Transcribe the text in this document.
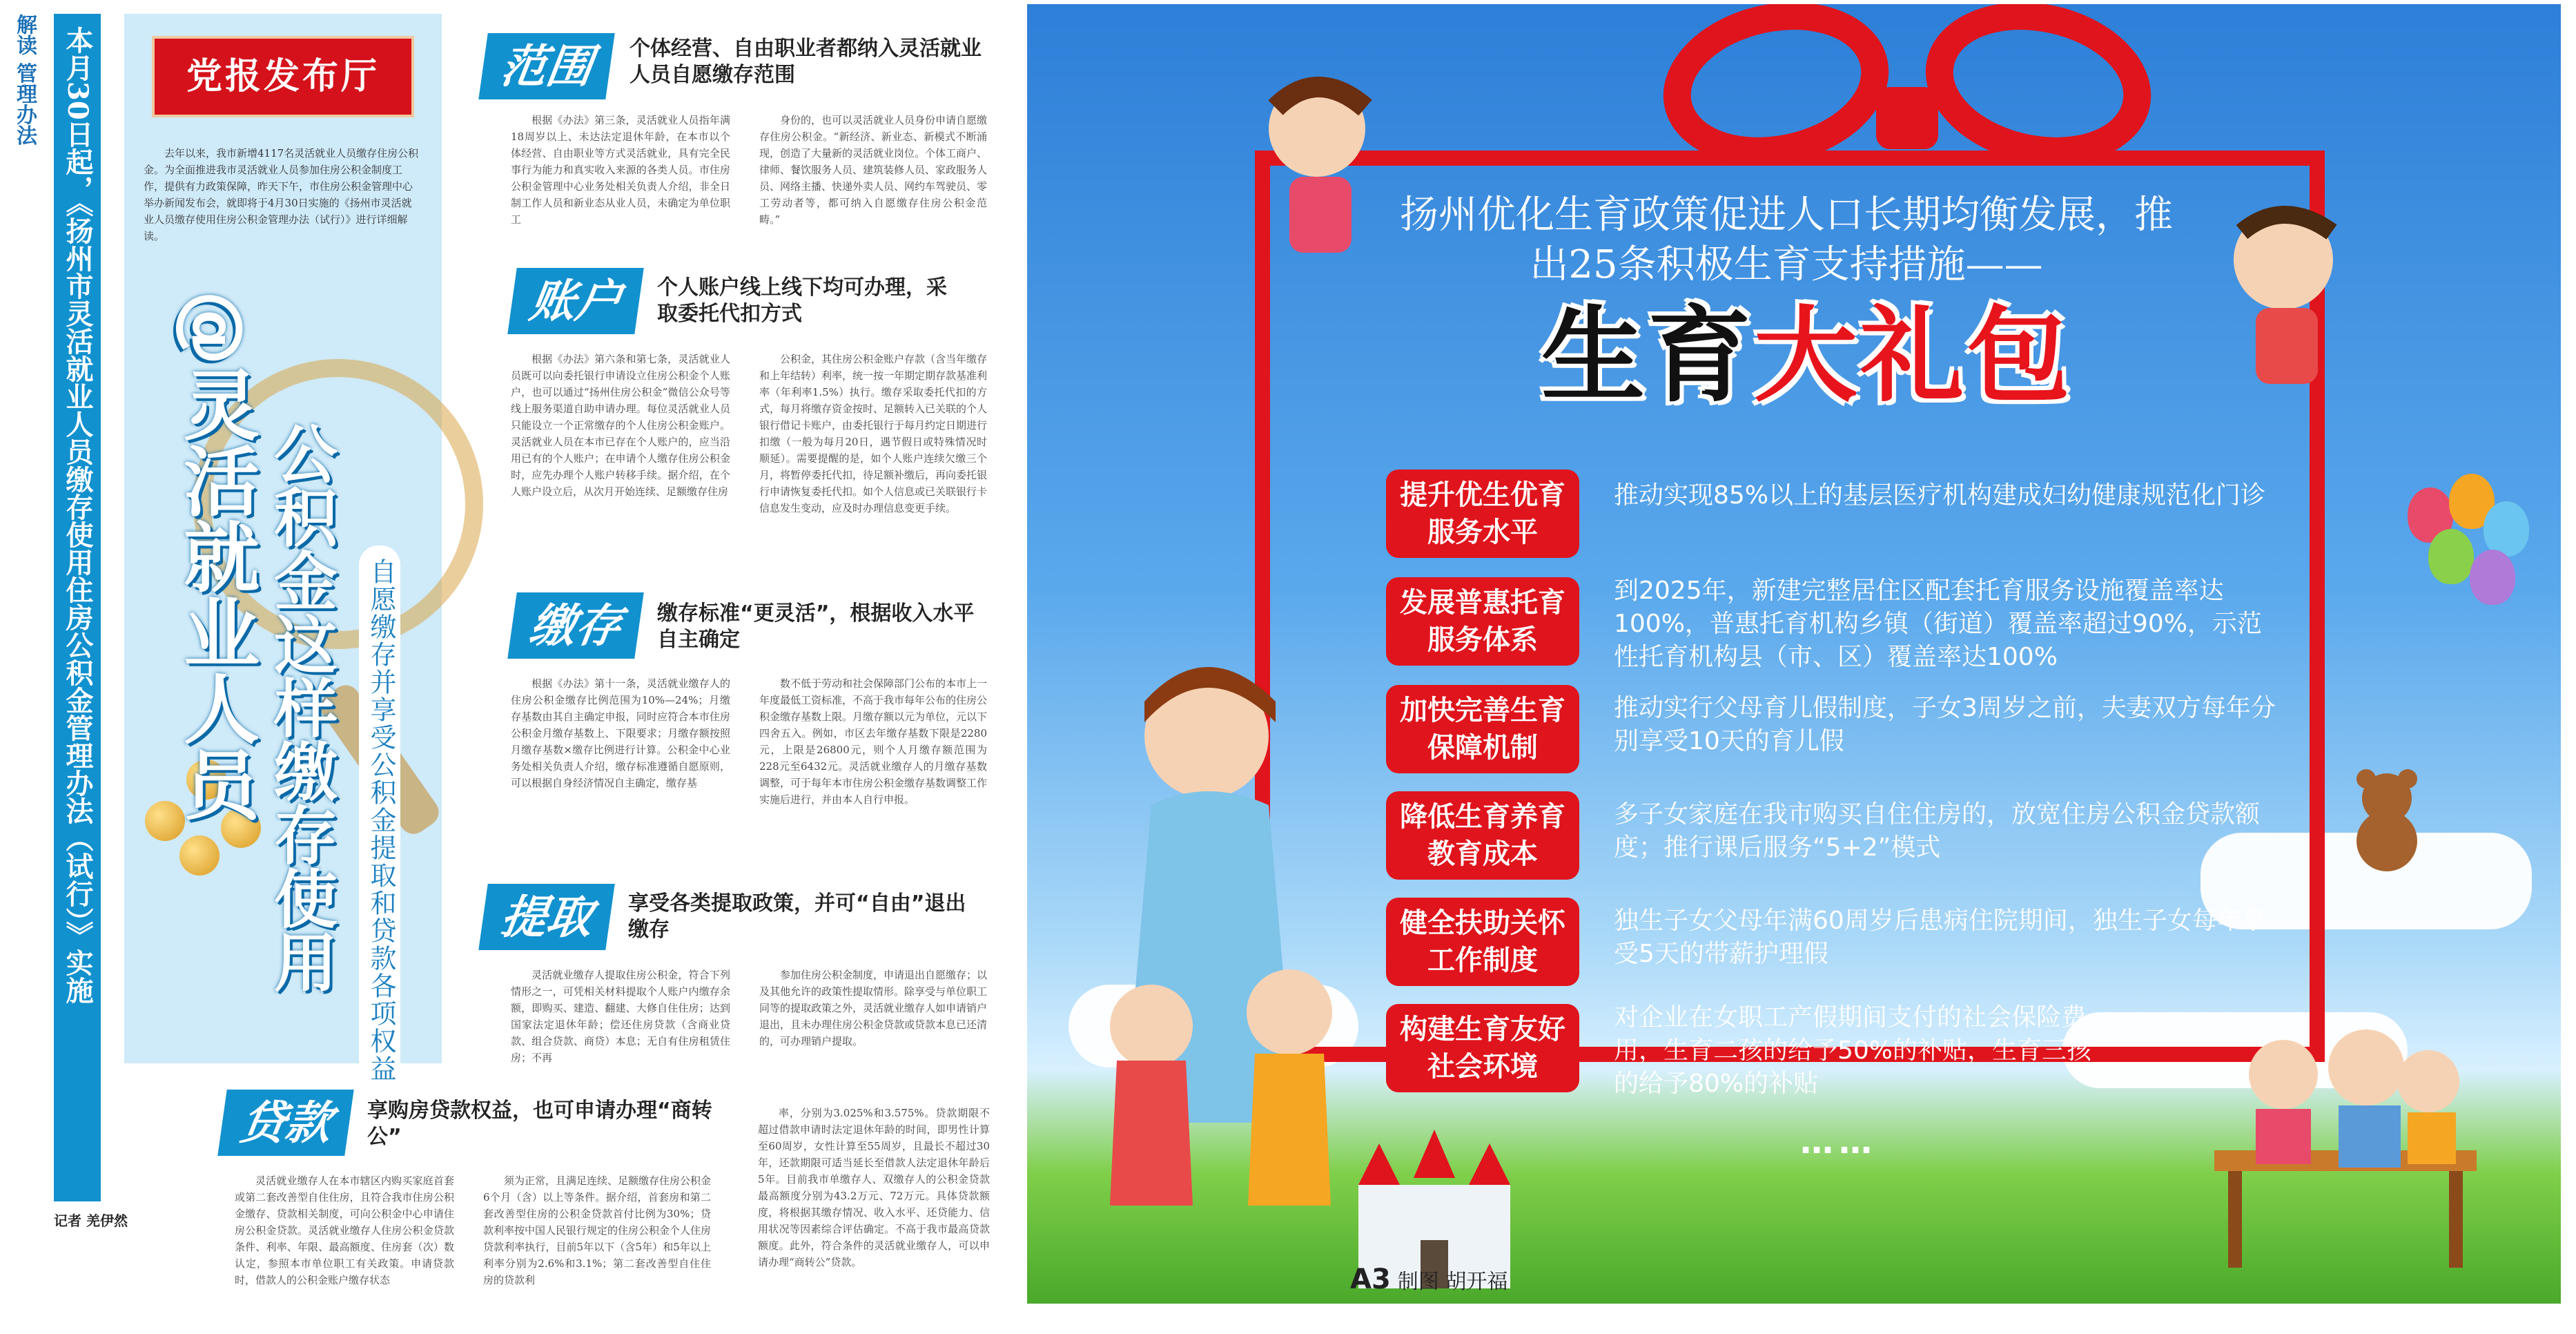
解读 管理办法 本月30日起，《扬州市灵活就业人员缴存使用住房公积金管理办法（试行）》实施	党报发布厅
去年以来，我市新增4117名灵活就业人员缴存住房公积金。为全面推进我市灵活就业人员参加住房公积金制度工作，提供有力政策保障，昨天下午，市住房公积金管理中心举办新闻发布会，就即将于4月30日实施的《扬州市灵活就业人员缴存使用住房公积金管理办法（试行）》进行详细解读。
@灵活就业人员 公积金这样缴存使用 自愿缴存并享受公积金提取和贷款各项权益
记者 羌伊然
范围	个体经营、自由职业者都纳入灵活就业人员自愿缴存范围
根据《办法》第三条，灵活就业人员指年满18周岁以上、未达法定退休年龄，在本市以个体经营、自由职业等方式灵活就业，具有完全民事行为能力和真实收入来源的各类人员。市住房公积金管理中心业务处相关负责人介绍，非全日制工作人员和新业态从业人员，未确定为单位职工
身份的，也可以灵活就业人员身份申请自愿缴存住房公积金。“新经济、新业态、新模式不断涌现，创造了大量新的灵活就业岗位。个体工商户、律师、餐饮服务人员、建筑装修人员、家政服务人员、网络主播、快递外卖人员、网约车驾驶员、零工劳动者等，都可纳入自愿缴存住房公积金范畴。”
账户	个人账户线上线下均可办理，采取委托代扣方式
根据《办法》第六条和第七条，灵活就业人员既可以向委托银行申请设立住房公积金个人账户，也可以通过“扬州住房公积金”微信公众号等线上服务渠道自助申请办理。每位灵活就业人员只能设立一个正常缴存的个人住房公积金账户。灵活就业人员在本市已存在个人账户的，应当沿用已有的个人账户；在申请个人缴存住房公积金时，应先办理个人账户转移手续。据介绍，在个人账户设立后，从次月开始连续、足额缴存住房
公积金，其住房公积金账户存款（含当年缴存和上年结转）利率，统一按一年期定期存款基准利率（年利率1.5%）执行。缴存采取委托代扣的方式，每月将缴存资金按时、足额转入已关联的个人银行借记卡账户，由委托银行于每月约定日期进行扣缴（一般为每月20日，遇节假日或特殊情况时顺延）。需要提醒的是，如个人账户连续欠缴三个月，将暂停委托代扣，待足额补缴后，再向委托银行申请恢复委托代扣。如个人信息或已关联银行卡信息发生变动，应及时办理信息变更手续。
缴存	缴存标准“更灵活”，根据收入水平自主确定
根据《办法》第十一条，灵活就业缴存人的住房公积金缴存比例范围为10%—24%；月缴存基数由其自主确定申报，同时应符合本市住房公积金月缴存基数上、下限要求；月缴存额按照月缴存基数×缴存比例进行计算。公积金中心业务处相关负责人介绍，缴存标准遵循自愿原则，可以根据自身经济情况自主确定，缴存基
数不低于劳动和社会保障部门公布的本市上一年度最低工资标准，不高于我市每年公布的住房公积金缴存基数上限。月缴存额以元为单位，元以下四舍五入。例如，市区去年缴存基数下限是2280元，上限是26800元，则个人月缴存额范围为228元至6432元。灵活就业缴存人的月缴存基数调整，可于每年本市住房公积金缴存基数调整工作实施后进行，并由本人自行申报。
提取	享受各类提取政策，并可“自由”退出缴存
灵活就业缴存人提取住房公积金，符合下列情形之一，可凭相关材料提取个人账户内缴存余额，即购买、建造、翻建、大修自住住房；达到国家法定退休年龄；偿还住房贷款（含商业贷款、组合贷款、商贷）本息；无自有住房租赁住房；不再
参加住房公积金制度，申请退出自愿缴存；以及其他允许的政策性提取情形。除享受与单位职工同等的提取政策之外，灵活就业缴存人如申请销户退出，且未办理住房公积金贷款或贷款本息已还清的，可办理销户提取。
贷款	享购房贷款权益，也可申请办理“商转公”
灵活就业缴存人在本市辖区内购买家庭首套或第二套改善型自住住房，且符合我市住房公积金缴存、贷款相关制度，可向公积金中心申请住房公积金贷款。灵活就业缴存人住房公积金贷款条件、利率、年限、最高额度、住房套（次）数认定，参照本市单位职工有关政策。申请贷款时，借款人的公积金账户缴存状态
须为正常，且满足连续、足额缴存住房公积金6个月（含）以上等条件。据介绍，首套房和第二套改善型住房的公积金贷款首付比例为30%；贷款利率按中国人民银行规定的住房公积金个人住房贷款利率执行，目前5年以下（含5年）和5年以上利率分别为2.6%和3.1%；第二套改善型自住住房的贷款利
率，分别为3.025%和3.575%。贷款期限不超过借款申请时法定退休年龄的时间，即男性计算至60周岁，女性计算至55周岁，且最长不超过30年，还款期限可适当延长至借款人法定退休年龄后5年。目前我市单缴存人、双缴存人的公积金贷款最高额度分别为43.2万元、72万元。具体贷款额度，将根据其缴存情况、收入水平、还贷能力、信用状况等因素综合评估确定。不高于我市最高贷款额度。此外，符合条件的灵活就业缴存人，可以申请办理“商转公”贷款。
扬州优化生育政策促进人口长期均衡发展，推出25条积极生育支持措施——
生育大礼包
提升优生优育服务水平
推动实现85%以上的基层医疗机构建成妇幼健康规范化门诊
发展普惠托育服务体系
到2025年，新建完整居住区配套托育服务设施覆盖率达100%，普惠托育机构乡镇（街道）覆盖率超过90%，示范性托育机构县（市、区）覆盖率达100%
加快完善生育保障机制
推动实行父母育儿假制度，子女3周岁之前，夫妻双方每年分别享受10天的育儿假
降低生育养育教育成本
多子女家庭在我市购买自住住房的，放宽住房公积金贷款额度；推行课后服务“5+2”模式
健全扶助关怀工作制度
独生子女父母年满60周岁后患病住院期间，独生子女每年享受5天的带薪护理假
构建生育友好社会环境
对企业在女职工产假期间支付的社会保险费用，生育二孩的给予50%的补贴，生育三孩的给予80%的补贴
……
A3 制图 胡开福
